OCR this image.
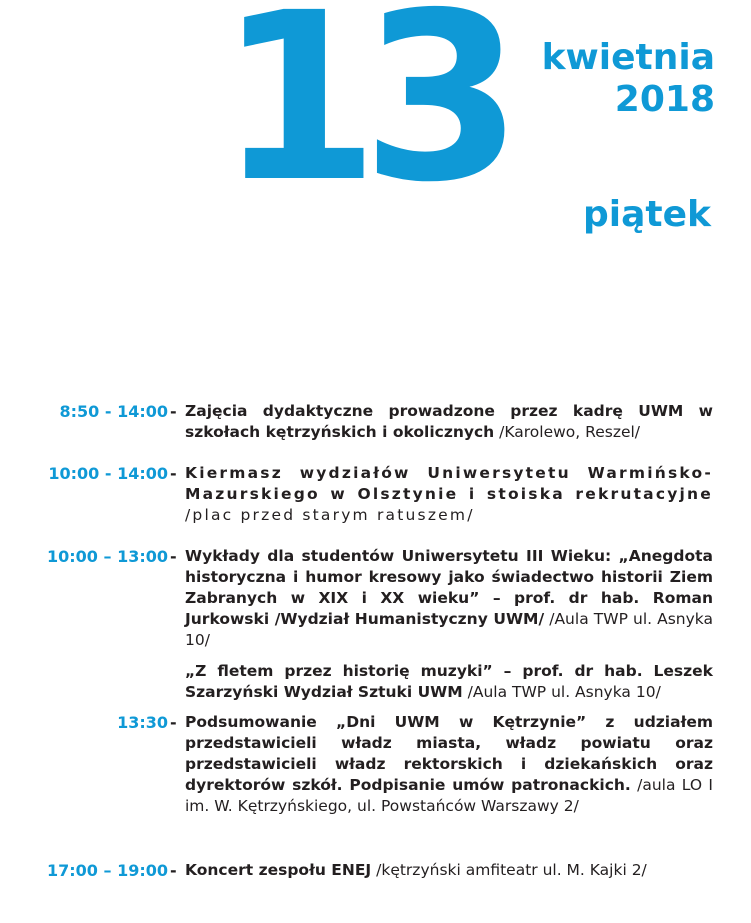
13 kwietnia
2018
piątek
8:50 - 14:00 - Zajęcia dydaktyczne prowadzone przez kadrę UWM w szkołach kętrzyńskich i okolicznych /Karolewo, Reszel/
10:00 - 14:00 - Kiermasz wydziałów Uniwersytetu Warmińsko-Mazurskiego w Olsztynie i stoiska rekrutacyjne /plac przed starym ratuszem/
10:00 – 13:00 - Wykłady dla studentów Uniwersytetu III Wieku: „Anegdota historyczna i humor kresowy jako świadectwo historii Ziem Zabranych w XIX i XX wieku” – prof. dr hab. Roman Jurkowski /Wydział Humanistyczny UWM/ /Aula TWP ul. Asnyka 10/
„Z fletem przez historię muzyki” – prof. dr hab. Leszek Szarzyński Wydział Sztuki UWM /Aula TWP ul. Asnyka 10/
13:30 - Podsumowanie „Dni UWM w Kętrzynie” z udziałem przedstawicieli władz miasta, władz powiatu oraz przedstawicieli władz rektorskich i dziekańskich oraz dyrektorów szkół. Podpisanie umów patronackich. /aula LO I im. W. Kętrzyńskiego, ul. Powstańców Warszawy 2/
17:00 – 19:00 - Koncert zespołu ENEJ /kętrzyński amfiteatr ul. M. Kajki 2/
